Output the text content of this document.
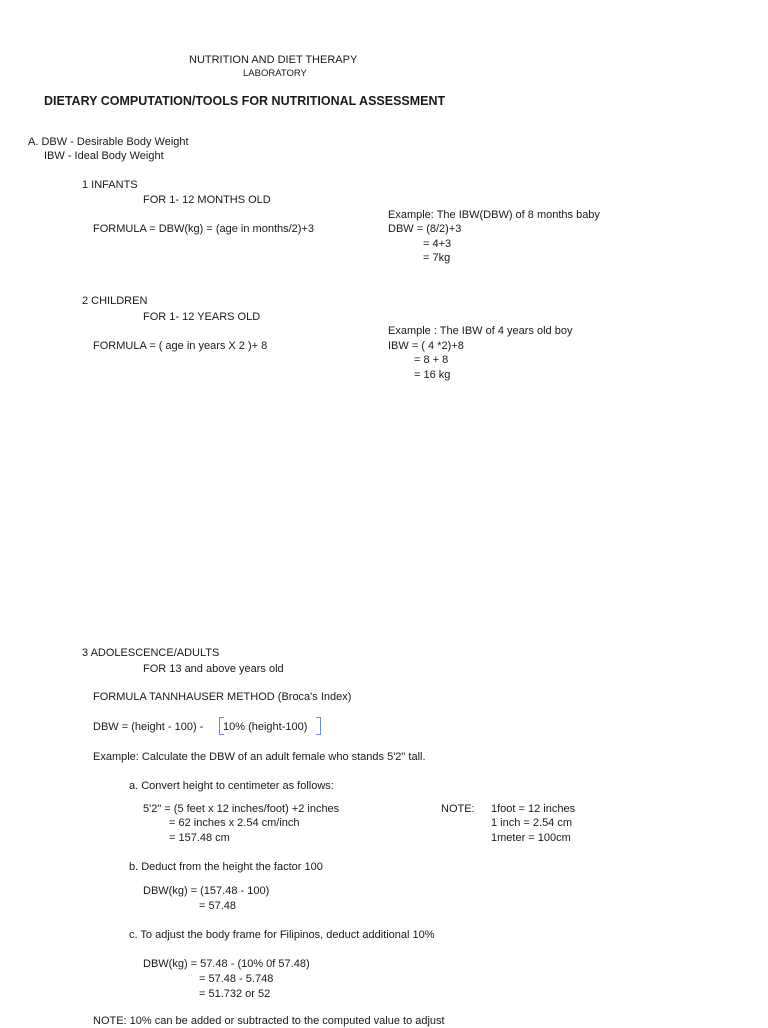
NUTRITION AND DIET THERAPY
LABORATORY
DIETARY COMPUTATION/TOOLS FOR NUTRITIONAL ASSESSMENT
A. DBW - Desirable Body Weight
IBW - Ideal Body Weight
1 INFANTS
FOR 1- 12 MONTHS OLD
Example: The IBW(DBW) of 8 months baby
FORMULA = DBW(kg) = (age in months/2)+3	DBW = (8/2)+3
= 4+3
= 7kg
2 CHILDREN
FOR 1- 12 YEARS OLD
Example : The IBW of 4 years old boy
FORMULA = ( age in years X 2 )+ 8	IBW = ( 4 *2)+8
= 8 + 8
= 16 kg
3 ADOLESCENCE/ADULTS
FOR 13 and above years old
FORMULA TANNHAUSER METHOD (Broca's Index)
DBW = (height - 100) - 10% (height-100)
Example: Calculate the DBW of an adult female who stands 5'2" tall.
a. Convert height to centimeter as follows:
5'2" = (5 feet x 12 inches/foot) +2 inches
= 62 inches x 2.54 cm/inch
= 157.48 cm
NOTE: 1foot = 12 inches
1 inch = 2.54 cm
1meter = 100cm
b. Deduct from the height the factor 100
DBW(kg) = (157.48 - 100)
= 57.48
c. To adjust the body frame for Filipinos, deduct additional 10%
DBW(kg) = 57.48 - (10% 0f 57.48)
= 57.48 - 5.748
= 51.732 or 52
NOTE: 10% can be added or subtracted to the computed value to adjust
